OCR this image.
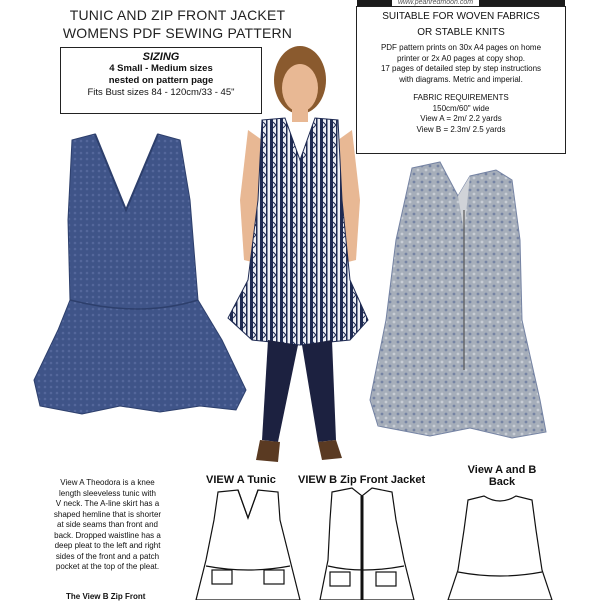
www.pearlredmoon.com
TUNIC AND ZIP FRONT JACKET
WOMENS PDF SEWING PATTERN
SIZING
4 Small - Medium sizes
nested on pattern page
Fits Bust sizes 84 - 120cm/33 - 45"
SUITABLE FOR WOVEN FABRICS
OR STABLE KNITS
PDF pattern prints on 30x A4 pages on home
printer or 2x A0 pages at copy shop.
17 pages of detailed step by step instructions
with diagrams. Metric and imperial.
FABRIC REQUIREMENTS
150cm/60" wide
View A = 2m/ 2.2 yards
View B = 2.3m/ 2.5 yards
VIEW A Tunic VIEW B Zip Front Jacket
View A and B
Back
View A Theodora is a knee
length sleeveless tunic with
V neck. The A-line skirt has a
shaped hemline that is shorter
at side seams than front and
back. Dropped waistline has a
deep pleat to the left and right
sides of the front and a patch
pocket at the top of the pleat.
The View B Zip Front
